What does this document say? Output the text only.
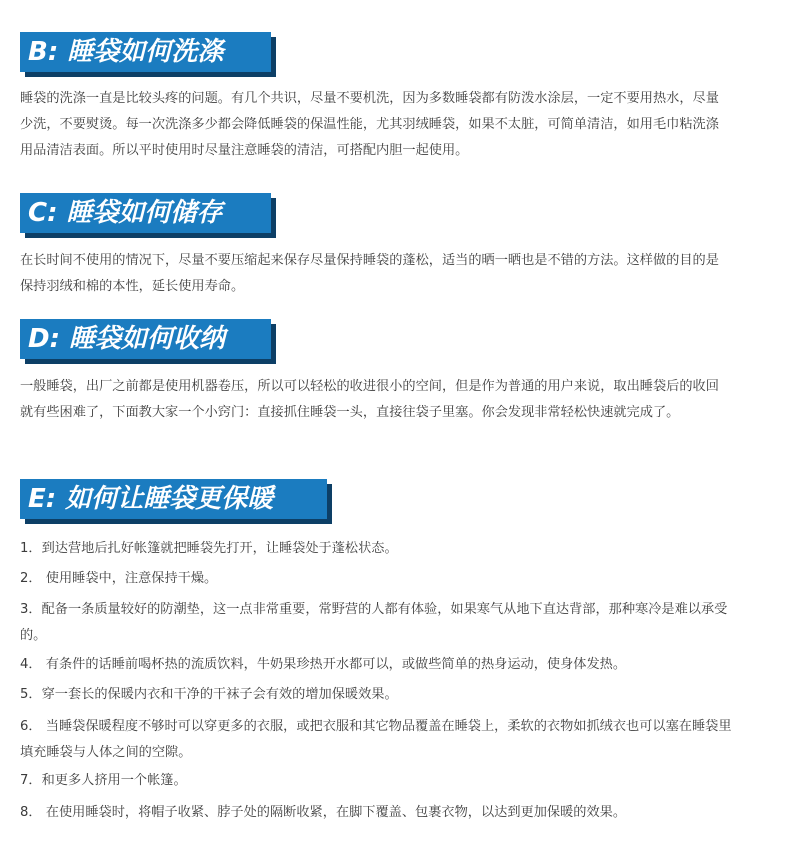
B: 睡袋如何洗涤

睡袋的洗涤一直是比较头疼的问题。有几个共识，尽量不要机洗，因为多数睡袋都有防泼水涂层，一定不要用热水，尽量少洗，不要熨烫。每一次洗涤多少都会降低睡袋的保温性能，尤其羽绒睡袋，如果不太脏，可简单清洁，如用毛巾粘洗涤用品清洁表面。所以平时使用时尽量注意睡袋的清洁，可搭配内胆一起使用。

C: 睡袋如何储存

在长时间不使用的情况下，尽量不要压缩起来保存尽量保持睡袋的蓬松，适当的晒一晒也是不错的方法。这样做的目的是保持羽绒和棉的本性，延长使用寿命。

D: 睡袋如何收纳

一般睡袋，出厂之前都是使用机器卷压，所以可以轻松的收进很小的空间，但是作为普通的用户来说，取出睡袋后的收回就有些困难了，下面教大家一个小窍门：直接抓住睡袋一头，直接往袋子里塞。你会发现非常轻松快速就完成了。

E: 如何让睡袋更保暖

1．到达营地后扎好帐篷就把睡袋先打开，让睡袋处于蓬松状态。

2． 使用睡袋中，注意保持干燥。

3．配备一条质量较好的防潮垫，这一点非常重要，常野营的人都有体验，如果寒气从地下直达背部，那种寒冷是难以承受的。

4． 有条件的话睡前喝杯热的流质饮料，牛奶果珍热开水都可以，或做些简单的热身运动，使身体发热。

5．穿一套长的保暖内衣和干净的干袜子会有效的增加保暖效果。

6． 当睡袋保暖程度不够时可以穿更多的衣服，或把衣服和其它物品覆盖在睡袋上，柔软的衣物如抓绒衣也可以塞在睡袋里填充睡袋与人体之间的空隙。

7．和更多人挤用一个帐篷。

8． 在使用睡袋时，将帽子收紧、脖子处的隔断收紧，在脚下覆盖、包裹衣物，以达到更加保暖的效果。
